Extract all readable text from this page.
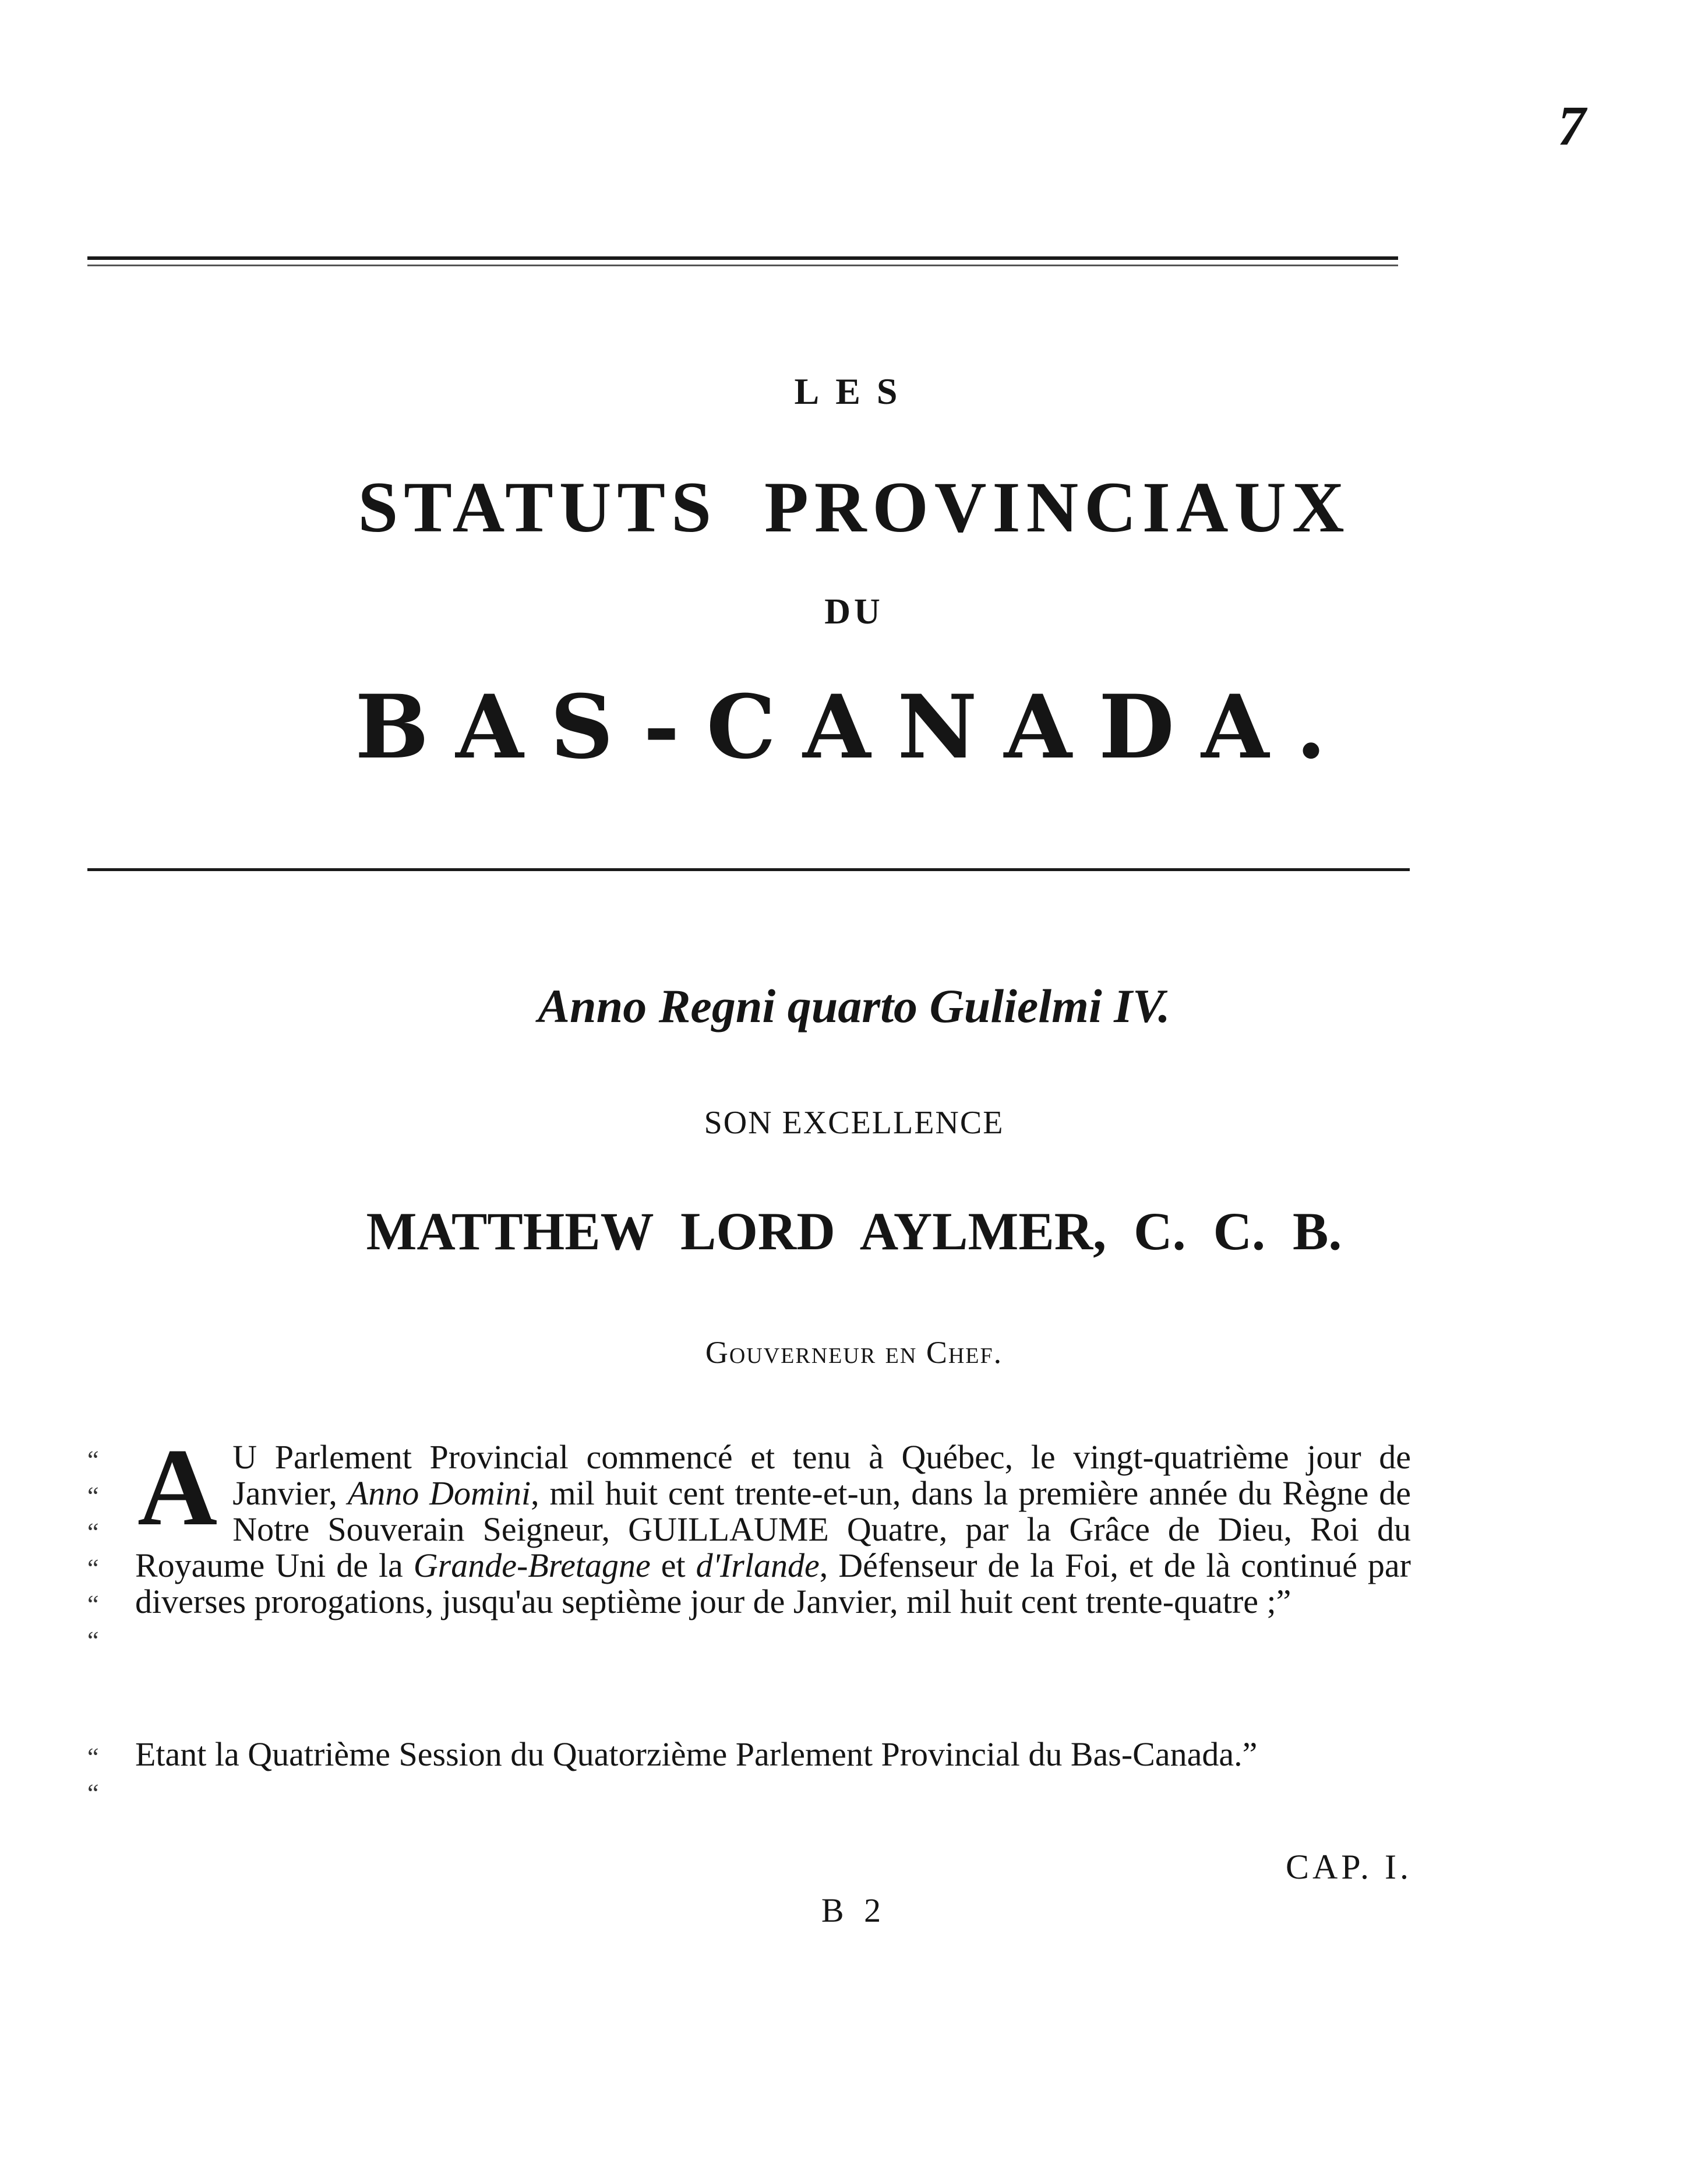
7
LES
STATUTS PROVINCIAUX
DU
BAS-CANADA.
Anno Regni quarto Gulielmi IV.
SON EXCELLENCE
MATTHEW LORD AYLMER, C. C. B.
Gouverneur en Chef.
“
“
“
“
“
“
A U Parlement Provincial commencé et tenu à Québec, le vingt-quatrième jour de Janvier, Anno Domini, mil huit cent trente-et-un, dans la première année du Règne de Notre Souverain Seigneur, GUILLAUME Quatre, par la Grâce de Dieu, Roi du Royaume Uni de la Grande-Bretagne et d'Irlande, Défenseur de la Foi, et de là continué par diverses prorogations, jusqu'au septième jour de Janvier, mil huit cent trente-quatre ;”
“
“
Etant la Quatrième Session du Quatorzième Parlement Provincial du Bas-Canada.”
CAP. I.
B 2
